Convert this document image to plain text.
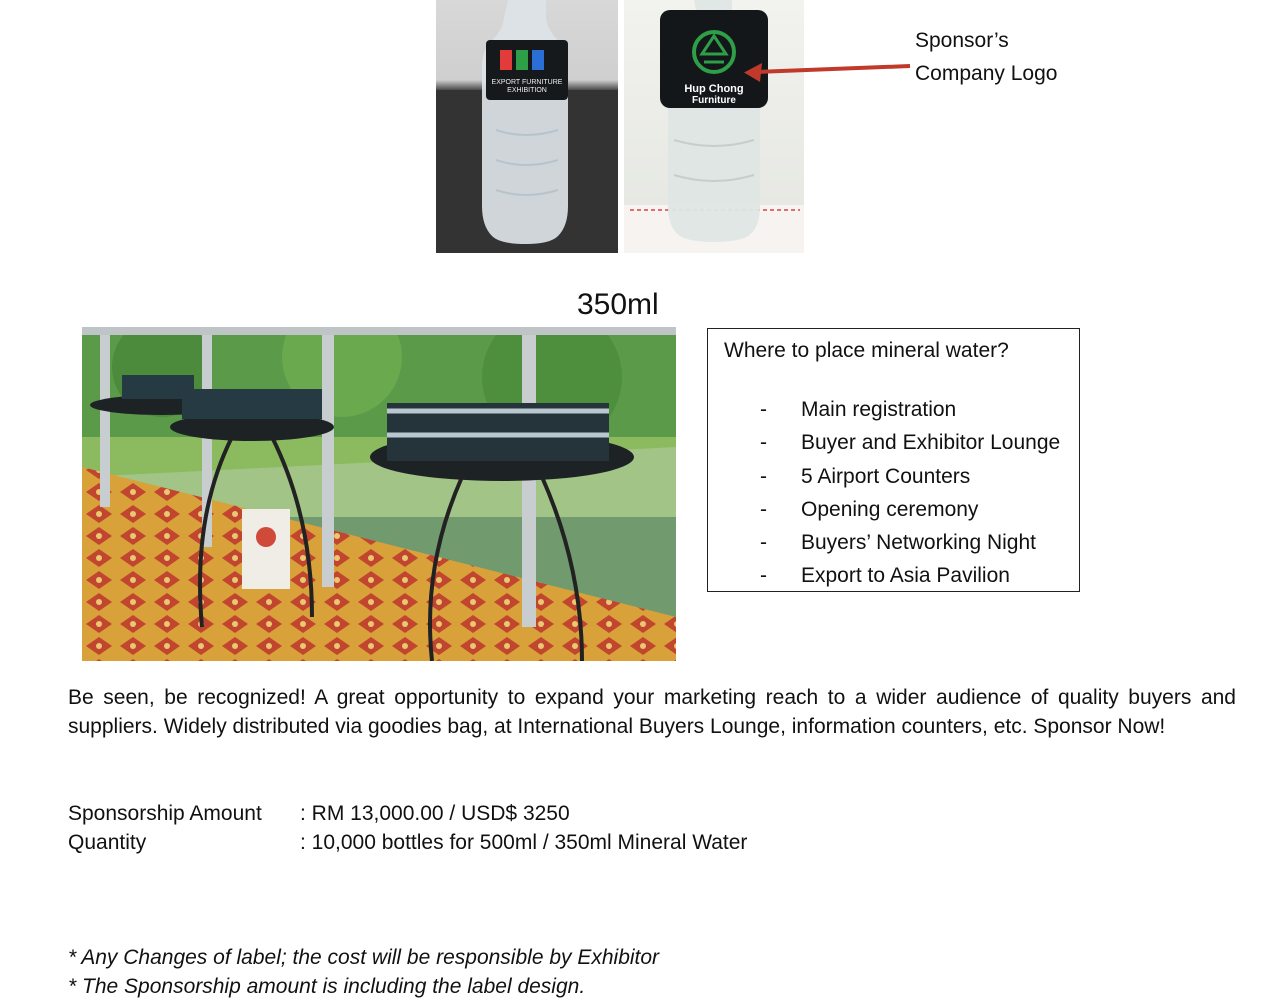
EXPORT FURNITURE
EXHIBITION	Hup Chong
Furniture
Sponsor’s
Company Logo
350ml
Where to place mineral water?
- Main registration
- Buyer and Exhibitor Lounge
- 5 Airport Counters
- Opening ceremony
- Buyers’ Networking Night
- Export to Asia Pavilion
Be seen, be recognized! A great opportunity to expand your marketing reach to a wider audience of quality buyers and
suppliers. Widely distributed via goodies bag, at International Buyers Lounge, information counters, etc. Sponsor Now!
Sponsorship Amount	: RM 13,000.00 / USD$ 3250
Quantity	: 10,000 bottles for 500ml / 350ml Mineral Water
* Any Changes of label; the cost will be responsible by Exhibitor
* The Sponsorship amount is including the label design.
